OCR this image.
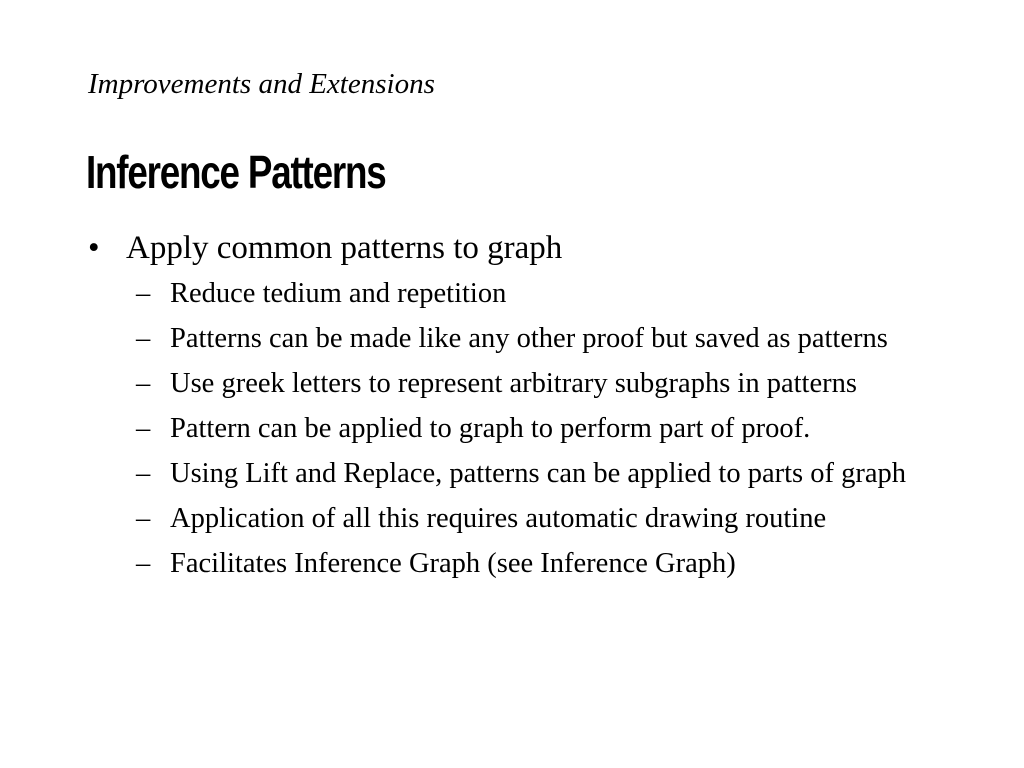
Improvements and Extensions
Inference Patterns
• Apply common patterns to graph
– Reduce tedium and repetition
– Patterns can be made like any other proof but saved as patterns
– Use greek letters to represent arbitrary subgraphs in patterns
– Pattern can be applied to graph to perform part of proof.
– Using Lift and Replace, patterns can be applied to parts of graph
– Application of all this requires automatic drawing routine
– Facilitates Inference Graph (see Inference Graph)
